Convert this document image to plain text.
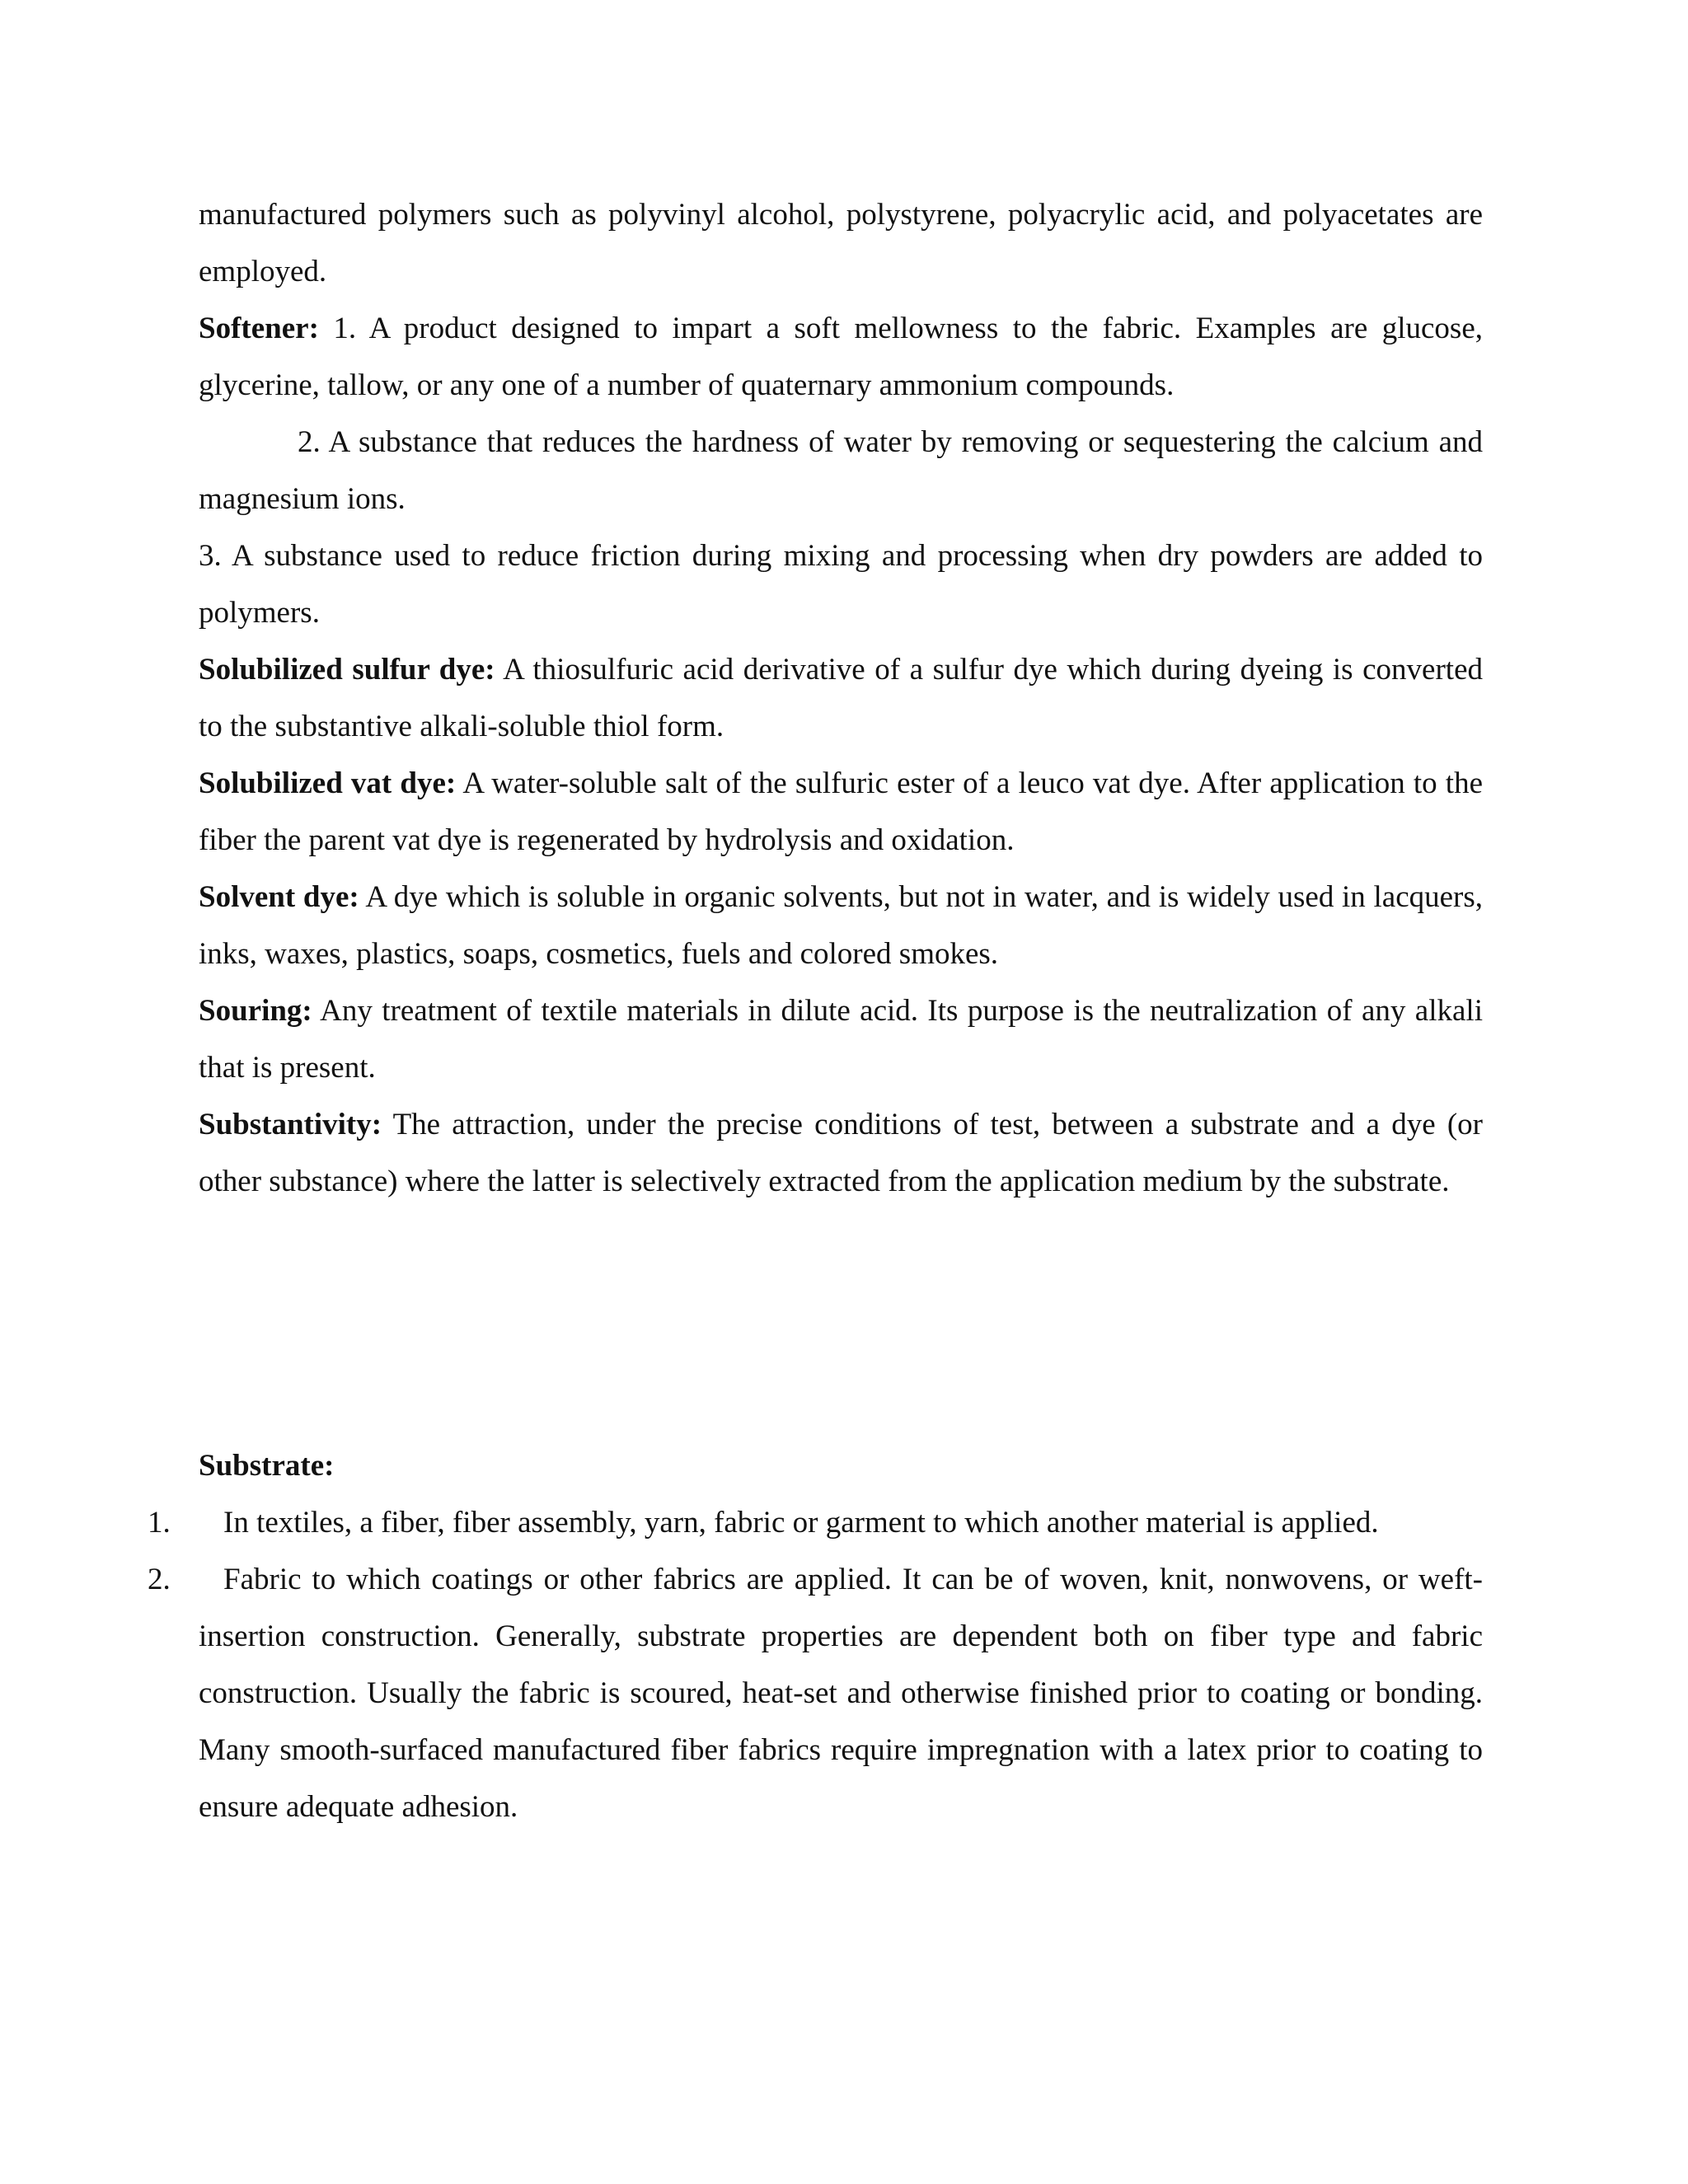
manufactured polymers such as polyvinyl alcohol, polystyrene, polyacrylic acid, and polyacetates are employed.

Softener: 1. A product designed to impart a soft mellowness to the fabric. Examples are glucose, glycerine, tallow, or any one of a number of quaternary ammonium compounds.

2. A substance that reduces the hardness of water by removing or sequestering the calcium and magnesium ions.

3. A substance used to reduce friction during mixing and processing when dry powders are added to polymers.

Solubilized sulfur dye: A thiosulfuric acid derivative of a sulfur dye which during dyeing is converted to the substantive alkali-soluble thiol form.

Solubilized vat dye: A water-soluble salt of the sulfuric ester of a leuco vat dye. After application to the fiber the parent vat dye is regenerated by hydrolysis and oxidation.

Solvent dye: A dye which is soluble in organic solvents, but not in water, and is widely used in lacquers, inks, waxes, plastics, soaps, cosmetics, fuels and colored smokes.

Souring: Any treatment of textile materials in dilute acid. Its purpose is the neutralization of any alkali that is present.

Substantivity: The attraction, under the precise conditions of test, between a substrate and a dye (or other substance) where the latter is selectively extracted from the application medium by the substrate.

Substrate:

1.	In textiles, a fiber, fiber assembly, yarn, fabric or garment to which another material is applied.

2.	Fabric to which coatings or other fabrics are applied. It can be of woven, knit, nonwovens, or weft-insertion construction. Generally, substrate properties are dependent both on fiber type and fabric construction. Usually the fabric is scoured, heat-set and otherwise finished prior to coating or bonding. Many smooth-surfaced manufactured fiber fabrics require impregnation with a latex prior to coating to ensure adequate adhesion.
